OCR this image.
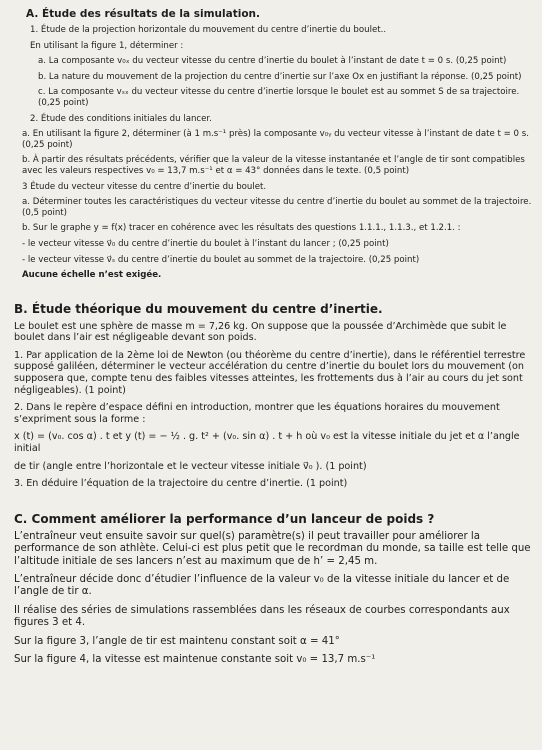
A. Étude des résultats de la simulation.
1. Étude de la projection horizontale du mouvement du centre d’inertie du boulet..
En utilisant la figure 1, déterminer :
a. La composante v₀ₓ du vecteur vitesse du centre d’inertie du boulet à l’instant de date t = 0 s. (0,25 point)
b. La nature du mouvement de la projection du centre d’inertie sur l’axe Ox en justifiant la réponse. (0,25 point)
c. La composante vₛₓ du vecteur vitesse du centre d’inertie lorsque le boulet est au sommet S de sa trajectoire. (0,25 point)
2. Étude des conditions initiales du lancer.
a. En utilisant la figure 2, déterminer (à 1 m.s⁻¹ près) la composante v₀ᵧ du vecteur vitesse à l’instant de date t = 0 s. (0,25 point)
b. À partir des résultats précédents, vérifier que la valeur de la vitesse instantanée et l’angle de tir sont compatibles avec les valeurs respectives v₀ = 13,7 m.s⁻¹ et α = 43° données dans le texte. (0,5 point)
3 Étude du vecteur vitesse du centre d’inertie du boulet.
a. Déterminer toutes les caractéristiques du vecteur vitesse du centre d’inertie du boulet au sommet de la trajectoire. (0,5 point)
b. Sur le graphe y = f(x) tracer en cohérence avec les résultats des questions 1.1.1., 1.1.3., et 1.2.1. :
- le vecteur vitesse v⃗₀ du centre d’inertie du boulet à l’instant du lancer ; (0,25 point)
- le vecteur vitesse v⃗ₛ du centre d’inertie du boulet au sommet de la trajectoire. (0,25 point)
Aucune échelle n’est exigée.
B. Étude théorique du mouvement du centre d’inertie.
Le boulet est une sphère de masse m = 7,26 kg. On suppose que la poussée d’Archimède que subit le boulet dans l’air est négligeable devant son poids.
1. Par application de la 2ème loi de Newton (ou théorème du centre d’inertie), dans le référentiel terrestre supposé galiléen, déterminer le vecteur accélération du centre d’inertie du boulet lors du mouvement (on supposera que, compte tenu des faibles vitesses atteintes, les frottements dus à l’air au cours du jet sont négligeables). (1 point)
2. Dans le repère d’espace défini en introduction, montrer que les équations horaires du mouvement s’expriment sous la forme :
x (t) = (v₀. cos α) . t et y (t) = − ½ . g. t² + (v₀. sin α) . t + h où v₀ est la vitesse initiale du jet et α l’angle initial
de tir (angle entre l’horizontale et le vecteur vitesse initiale v⃗₀ ). (1 point)
3. En déduire l’équation de la trajectoire du centre d’inertie. (1 point)
C. Comment améliorer la performance d’un lanceur de poids ?
L’entraîneur veut ensuite savoir sur quel(s) paramètre(s) il peut travailler pour améliorer la performance de son athlète. Celui-ci est plus petit que le recordman du monde, sa taille est telle que l’altitude initiale de ses lancers n’est au maximum que de h’ = 2,45 m.
L’entraîneur décide donc d’étudier l’influence de la valeur v₀ de la vitesse initiale du lancer et de l’angle de tir α.
Il réalise des séries de simulations rassemblées dans les réseaux de courbes correspondants aux figures 3 et 4.
Sur la figure 3, l’angle de tir est maintenu constant soit α = 41°
Sur la figure 4, la vitesse est maintenue constante soit v₀ = 13,7 m.s⁻¹
